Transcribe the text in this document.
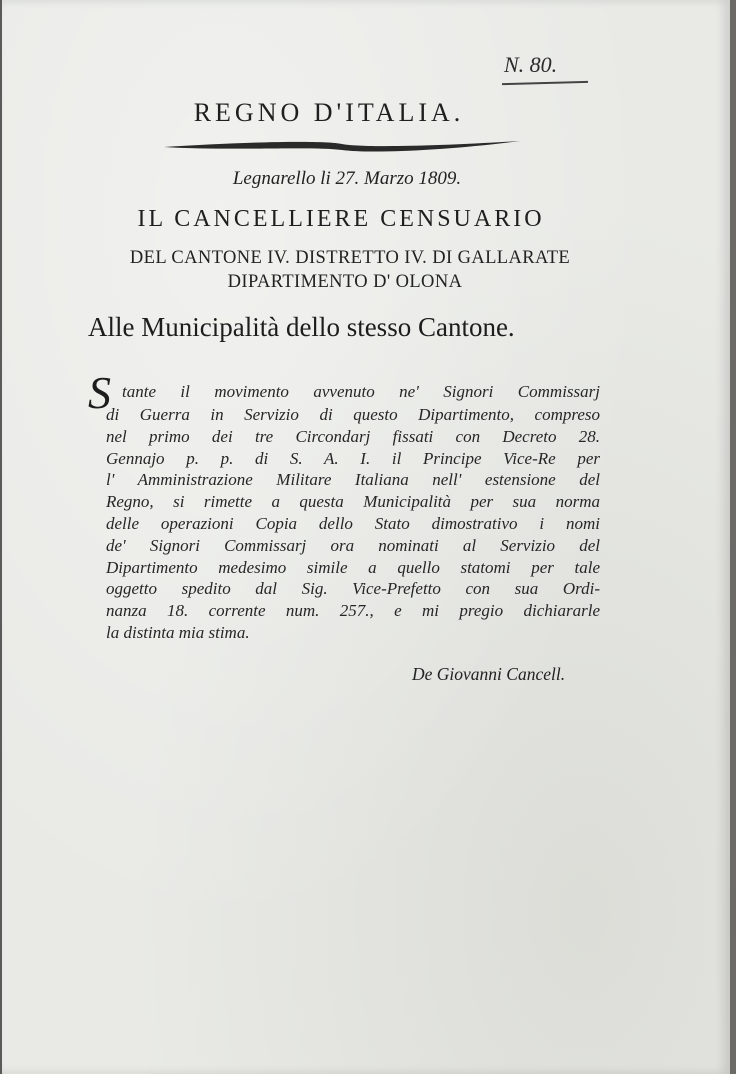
N. 80.
REGNO D'ITALIA.
Legnarello li 27. Marzo 1809.
IL CANCELLIERE CENSUARIO
DEL CANTONE IV. DISTRETTO IV. DI GALLARATE
DIPARTIMENTO D' OLONA
Alle Municipalità dello stesso Cantone.
S tante il movimento avvenuto ne' Signori Commissarj
di Guerra in Servizio di questo Dipartimento, compreso
nel primo dei tre Circondarj fissati con Decreto 28.
Gennajo p. p. di S. A. I. il Principe Vice-Re per
l' Amministrazione Militare Italiana nell' estensione del
Regno, si rimette a questa Municipalità per sua norma
delle operazioni Copia dello Stato dimostrativo i nomi
de' Signori Commissarj ora nominati al Servizio del
Dipartimento medesimo simile a quello statomi per tale
oggetto spedito dal Sig. Vice-Prefetto con sua Ordi-
nanza 18. corrente num. 257., e mi pregio dichiararle
la distinta mia stima.
De Giovanni Cancell.
